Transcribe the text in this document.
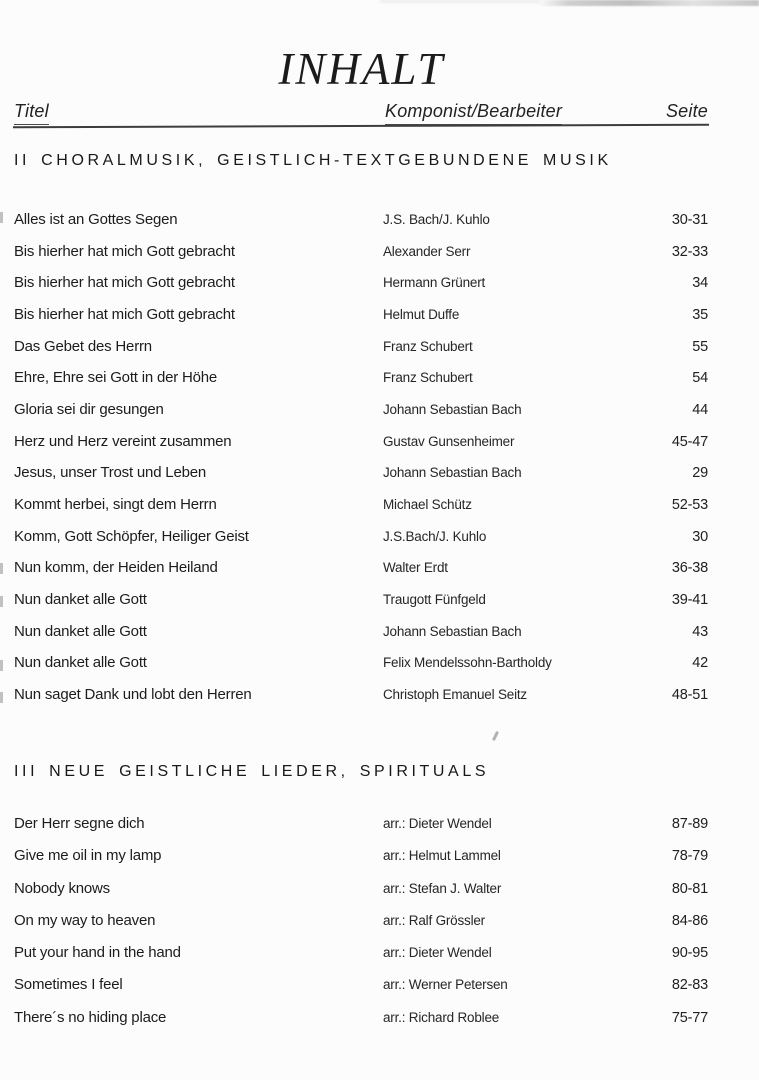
INHALT
Titel	Komponist/Bearbeiter	Seite
II CHORALMUSIK, GEISTLICH-TEXTGEBUNDENE MUSIK
Alles ist an Gottes Segen	J.S. Bach/J. Kuhlo	30-31
Bis hierher hat mich Gott gebracht	Alexander Serr	32-33
Bis hierher hat mich Gott gebracht	Hermann Grünert	34
Bis hierher hat mich Gott gebracht	Helmut Duffe	35
Das Gebet des Herrn	Franz Schubert	55
Ehre, Ehre sei Gott in der Höhe	Franz Schubert	54
Gloria sei dir gesungen	Johann Sebastian Bach	44
Herz und Herz vereint zusammen	Gustav Gunsenheimer	45-47
Jesus, unser Trost und Leben	Johann Sebastian Bach	29
Kommt herbei, singt dem Herrn	Michael Schütz	52-53
Komm, Gott Schöpfer, Heiliger Geist	J.S.Bach/J. Kuhlo	30
Nun komm, der Heiden Heiland	Walter Erdt	36-38
Nun danket alle Gott	Traugott Fünfgeld	39-41
Nun danket alle Gott	Johann Sebastian Bach	43
Nun danket alle Gott	Felix Mendelssohn-Bartholdy	42
Nun saget Dank und lobt den Herren	Christoph Emanuel Seitz	48-51
III NEUE GEISTLICHE LIEDER, SPIRITUALS
Der Herr segne dich	arr.: Dieter Wendel	87-89
Give me oil in my lamp	arr.: Helmut Lammel	78-79
Nobody knows	arr.: Stefan J. Walter	80-81
On my way to heaven	arr.: Ralf Grössler	84-86
Put your hand in the hand	arr.: Dieter Wendel	90-95
Sometimes I feel	arr.: Werner Petersen	82-83
There´s no hiding place	arr.: Richard Roblee	75-77
